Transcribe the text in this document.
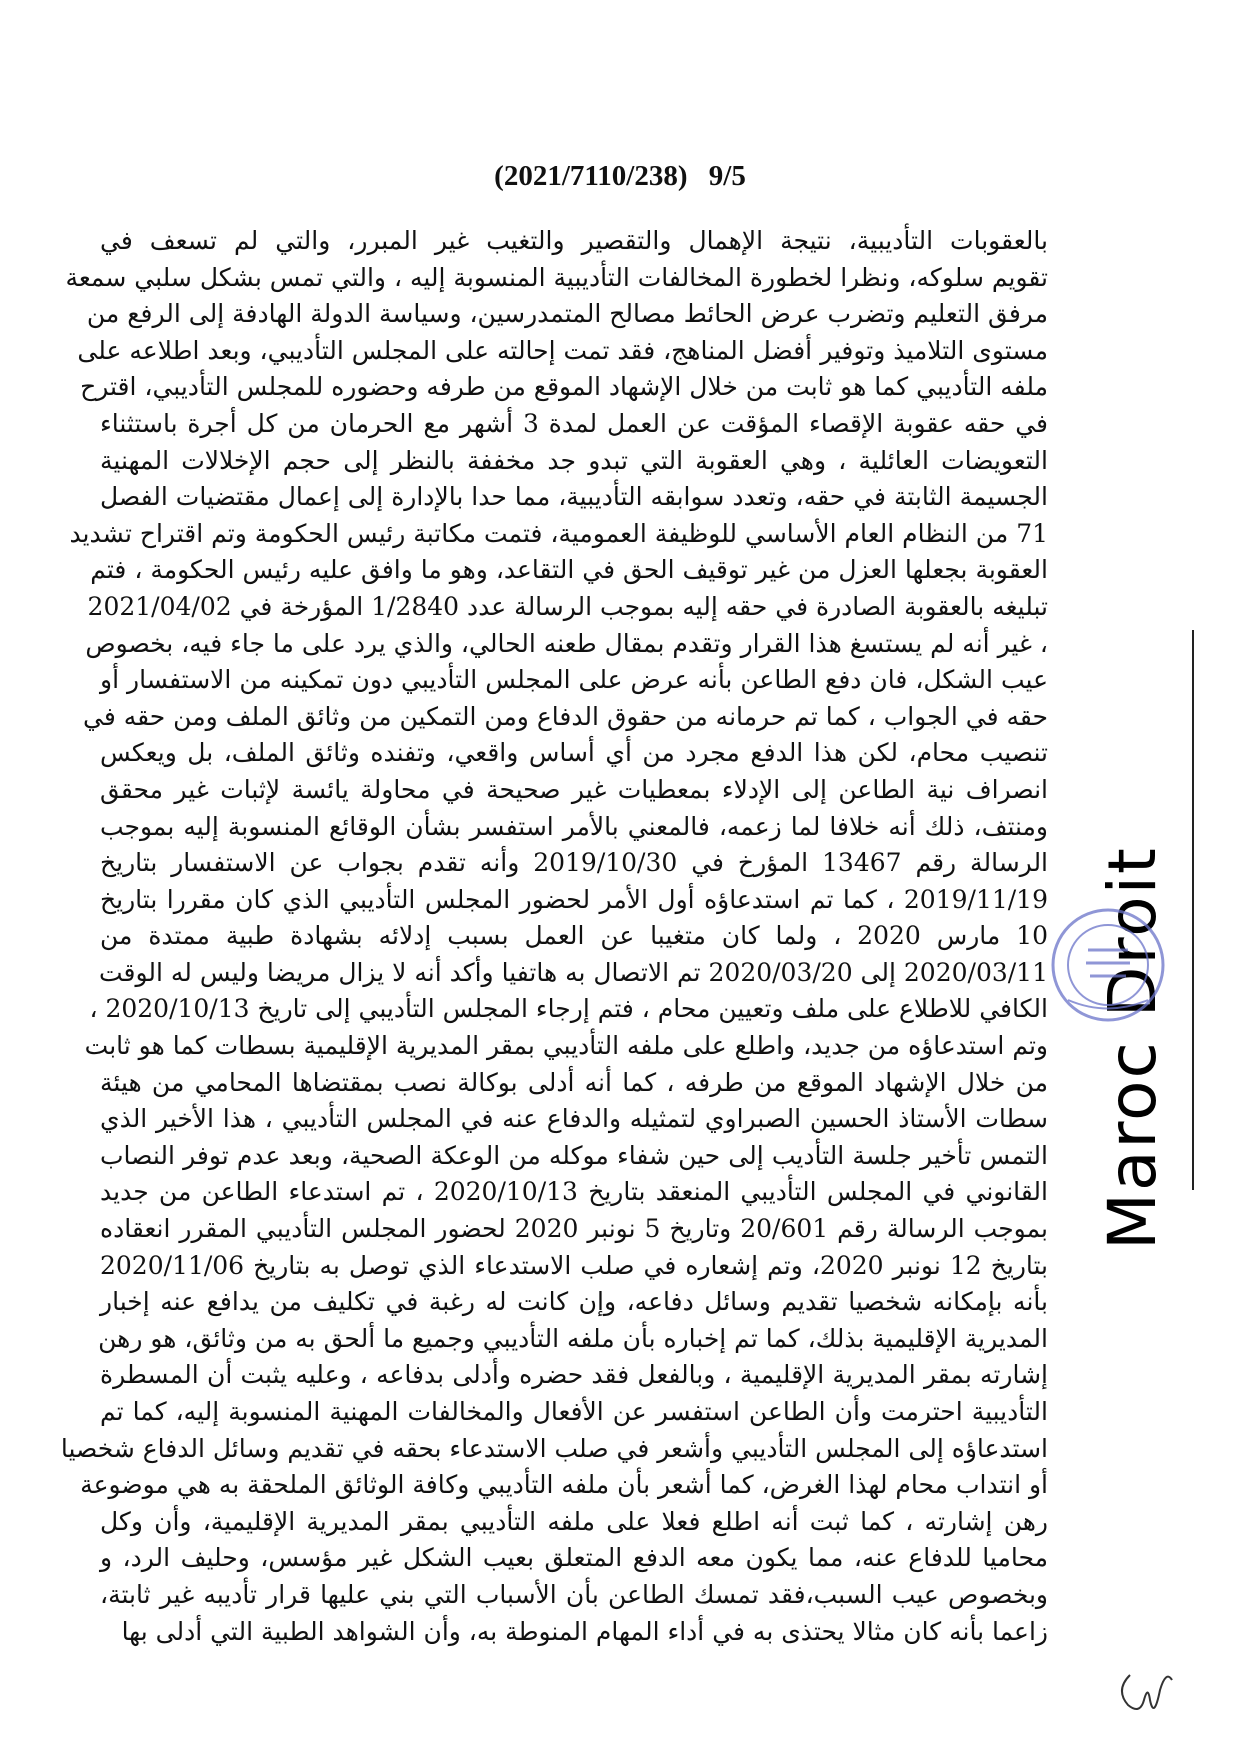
(2021/7110/238) 9/5
بالعقوبات التأديبية، نتيجة الإهمال والتقصير والتغيب غير المبرر، والتي لم تسعف في
تقويم سلوكه، ونظرا لخطورة المخالفات التأديبية المنسوبة إليه ، والتي تمس بشكل سلبي سمعة
مرفق التعليم وتضرب عرض الحائط مصالح المتمدرسين، وسياسة الدولة الهادفة إلى الرفع من
مستوى التلاميذ وتوفير أفضل المناهج، فقد تمت إحالته على المجلس التأديبي، وبعد اطلاعه على
ملفه التأديبي كما هو ثابت من خلال الإشهاد الموقع من طرفه وحضوره للمجلس التأديبي، اقترح
في حقه عقوبة الإقصاء المؤقت عن العمل لمدة 3 أشهر مع الحرمان من كل أجرة باستثناء
التعويضات العائلية ، وهي العقوبة التي تبدو جد مخففة بالنظر إلى حجم الإخلالات المهنية
الجسيمة الثابتة في حقه، وتعدد سوابقه التأديبية، مما حدا بالإدارة إلى إعمال مقتضيات الفصل
71 من النظام العام الأساسي للوظيفة العمومية، فتمت مكاتبة رئيس الحكومة وتم اقتراح تشديد
العقوبة بجعلها العزل من غير توقيف الحق في التقاعد، وهو ما وافق عليه رئيس الحكومة ، فتم
تبليغه بالعقوبة الصادرة في حقه إليه بموجب الرسالة عدد 1/2840 المؤرخة في 2021/04/02
، غير أنه لم يستسغ هذا القرار وتقدم بمقال طعنه الحالي، والذي يرد على ما جاء فيه، بخصوص
عيب الشكل، فان دفع الطاعن بأنه عرض على المجلس التأديبي دون تمكينه من الاستفسار أو
حقه في الجواب ، كما تم حرمانه من حقوق الدفاع ومن التمكين من وثائق الملف ومن حقه في
تنصيب محام، لكن هذا الدفع مجرد من أي أساس واقعي، وتفنده وثائق الملف، بل ويعكس
انصراف نية الطاعن إلى الإدلاء بمعطيات غير صحيحة في محاولة يائسة لإثبات غير محقق
ومنتف، ذلك أنه خلافا لما زعمه، فالمعني بالأمر استفسر بشأن الوقائع المنسوبة إليه بموجب
الرسالة رقم 13467 المؤرخ في 2019/10/30 وأنه تقدم بجواب عن الاستفسار بتاريخ
2019/11/19 ، كما تم استدعاؤه أول الأمر لحضور المجلس التأديبي الذي كان مقررا بتاريخ
10 مارس 2020 ، ولما كان متغيبا عن العمل بسبب إدلائه بشهادة طبية ممتدة من
2020/03/11 إلى 2020/03/20 تم الاتصال به هاتفيا وأكد أنه لا يزال مريضا وليس له الوقت
الكافي للاطلاع على ملف وتعيين محام ، فتم إرجاء المجلس التأديبي إلى تاريخ 2020/10/13 ،
وتم استدعاؤه من جديد، واطلع على ملفه التأديبي بمقر المديرية الإقليمية بسطات كما هو ثابت
من خلال الإشهاد الموقع من طرفه ، كما أنه أدلى بوكالة نصب بمقتضاها المحامي من هيئة
سطات الأستاذ الحسين الصبراوي لتمثيله والدفاع عنه في المجلس التأديبي ، هذا الأخير الذي
التمس تأخير جلسة التأديب إلى حين شفاء موكله من الوعكة الصحية، وبعد عدم توفر النصاب
القانوني في المجلس التأديبي المنعقد بتاريخ 2020/10/13 ، تم استدعاء الطاعن من جديد
بموجب الرسالة رقم 20/601 وتاريخ 5 نونبر 2020 لحضور المجلس التأديبي المقرر انعقاده
بتاريخ 12 نونبر 2020، وتم إشعاره في صلب الاستدعاء الذي توصل به بتاريخ 2020/11/06
بأنه بإمكانه شخصيا تقديم وسائل دفاعه، وإن كانت له رغبة في تكليف من يدافع عنه إخبار
المديرية الإقليمية بذلك، كما تم إخباره بأن ملفه التأديبي وجميع ما ألحق به من وثائق، هو رهن
إشارته بمقر المديرية الإقليمية ، وبالفعل فقد حضره وأدلى بدفاعه ، وعليه يثبت أن المسطرة
التأديبية احترمت وأن الطاعن استفسر عن الأفعال والمخالفات المهنية المنسوبة إليه، كما تم
استدعاؤه إلى المجلس التأديبي وأشعر في صلب الاستدعاء بحقه في تقديم وسائل الدفاع شخصيا
أو انتداب محام لهذا الغرض، كما أشعر بأن ملفه التأديبي وكافة الوثائق الملحقة به هي موضوعة
رهن إشارته ، كما ثبت أنه اطلع فعلا على ملفه التأديبي بمقر المديرية الإقليمية، وأن وكل
محاميا للدفاع عنه، مما يكون معه الدفع المتعلق بعيب الشكل غير مؤسس، وحليف الرد، و
وبخصوص عيب السبب،فقد تمسك الطاعن بأن الأسباب التي بني عليها قرار تأديبه غير ثابتة،
زاعما بأنه كان مثالا يحتذى به في أداء المهام المنوطة به، وأن الشواهد الطبية التي أدلى بها
Maroc Droit
